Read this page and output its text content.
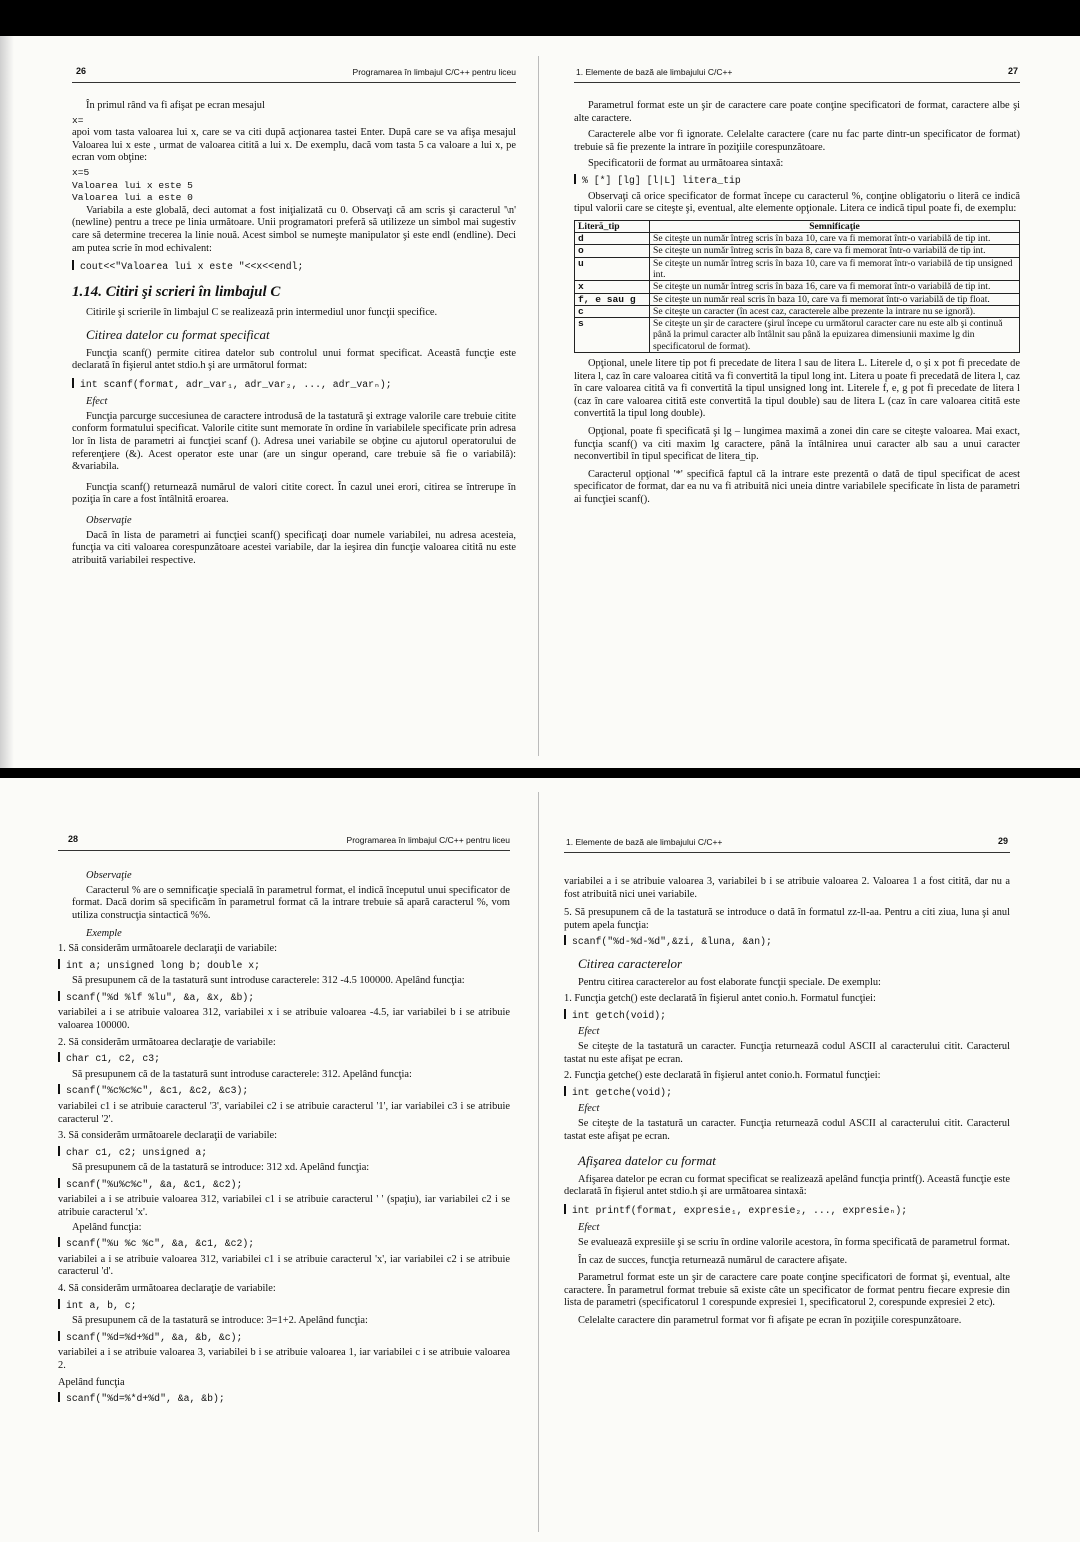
26	Programarea în limbajul C/C++ pentru liceu

În primul rând va fi afişat pe ecran mesajul

x=

apoi vom tasta valoarea lui x, care se va citi după acţionarea tastei Enter. După care se va afişa mesajul Valoarea lui x este , urmat de valoarea citită a lui x. De exemplu, dacă vom tasta 5 ca valoare a lui x, pe ecran vom obţine:

x=5
Valoarea lui x este 5
Valoarea lui a este 0

Variabila a este globală, deci automat a fost iniţializată cu 0. Observaţi că am scris şi caracterul '\n' (newline) pentru a trece pe linia următoare. Unii programatori preferă să utilizeze un simbol mai sugestiv care să determine trecerea la linie nouă. Acest simbol se numeşte manipulator şi este endl (endline). Deci am putea scrie în mod echivalent:

cout<<"Valoarea lui x este "<<x<<endl;
1.14. Citiri şi scrieri în limbajul C

Citirile şi scrierile în limbajul C se realizează prin intermediul unor funcţii specifice.

Citirea datelor cu format specificat

Funcţia scanf() permite citirea datelor sub controlul unui format specificat. Această funcţie este declarată în fişierul antet stdio.h şi are următorul format:

int scanf(format, adr_var₁, adr_var₂, ..., adr_varₙ);
Efect

Funcţia parcurge succesiunea de caractere introdusă de la tastatură şi extrage valorile care trebuie citite conform formatului specificat. Valorile citite sunt memorate în ordine în variabilele specificate prin adresa lor în lista de parametri ai funcţiei scanf (). Adresa unei variabile se obţine cu ajutorul operatorului de referenţiere (&). Acest operator este unar (are un singur operand, care trebuie să fie o variabilă): &variabila.

Funcţia scanf() returnează numărul de valori citite corect. În cazul unei erori, citirea se întrerupe în poziţia în care a fost întâlnită eroarea.

Observaţie

Dacă în lista de parametri ai funcţiei scanf() specificaţi doar numele variabilei, nu adresa acesteia, funcţia va citi valoarea corespunzătoare acestei variabile, dar la ieşirea din funcţie valoarea citită nu este atribuită variabilei respective.

1. Elemente de bază ale limbajului C/C++	27

Parametrul format este un şir de caractere care poate conţine specificatori de format, caractere albe şi alte caractere.

Caracterele albe vor fi ignorate. Celelalte caractere (care nu fac parte dintr-un specificator de format) trebuie să fie prezente la intrare în poziţiile corespunzătoare.

Specificatorii de format au următoarea sintaxă:

% [*] [lg] [l|L] litera_tip

Observaţi că orice specificator de format începe cu caracterul %, conţine obligatoriu o literă ce indică tipul valorii care se citeşte şi, eventual, alte elemente opţionale. Litera ce indică tipul poate fi, de exemplu:

Literă_tip	Semnificaţie
d	Se citeşte un număr întreg scris în baza 10, care va fi memorat într-o variabilă de tip int.
o	Se citeşte un număr întreg scris în baza 8, care va fi memorat într-o variabilă de tip int.
u	Se citeşte un număr întreg scris în baza 10, care va fi memorat într-o variabilă de tip unsigned int.
x	Se citeşte un număr întreg scris în baza 16, care va fi memorat într-o variabilă de tip int.
f, e sau g	Se citeşte un număr real scris în baza 10, care va fi memorat într-o variabilă de tip float.
c	Se citeşte un caracter (în acest caz, caracterele albe prezente la intrare nu se ignoră).
s	Se citeşte un şir de caractere (şirul începe cu următorul caracter care nu este alb şi continuă până la primul caracter alb întâlnit sau până la epuizarea dimensiunii maxime lg din specificatorul de format).

Opţional, unele litere tip pot fi precedate de litera l sau de litera L. Literele d, o şi x pot fi precedate de litera l, caz în care valoarea citită va fi convertită la tipul long int. Litera u poate fi precedată de litera l, caz în care valoarea citită va fi convertită la tipul unsigned long int. Literele f, e, g pot fi precedate de litera l (caz în care valoarea citită este convertită la tipul double) sau de litera L (caz în care valoarea citită este convertită la tipul long double).

Opţional, poate fi specificată şi lg – lungimea maximă a zonei din care se citeşte valoarea. Mai exact, funcţia scanf() va citi maxim lg caractere, până la întâlnirea unui caracter alb sau a unui caracter neconvertibil în tipul specificat de litera_tip.

Caracterul opţional '*' specifică faptul că la intrare este prezentă o dată de tipul specificat de acest specificator de format, dar ea nu va fi atribuită nici uneia dintre variabilele specificate în lista de parametri ai funcţiei scanf().

28	Programarea în limbajul C/C++ pentru liceu
Observaţie

Caracterul % are o semnificaţie specială în parametrul format, el indică începutul unui specificator de format. Dacă dorim să specificăm în parametrul format că la intrare trebuie să apară caracterul %, vom utiliza construcţia sintactică %%.

Exemple

1. Să considerăm următoarele declaraţii de variabile:

int a; unsigned long b; double x;

Să presupunem că de la tastatură sunt introduse caracterele: 312 -4.5 100000. Apelând funcţia:

scanf("%d %lf %lu", &a, &x, &b);

variabilei a i se atribuie valoarea 312, variabilei x i se atribuie valoarea -4.5, iar variabilei b i se atribuie valoarea 100000.

2. Să considerăm următoarea declaraţie de variabile:

char c1, c2, c3;

Să presupunem că de la tastatură sunt introduse caracterele: 312. Apelând funcţia:

scanf("%c%c%c", &c1, &c2, &c3);

variabilei c1 i se atribuie caracterul '3', variabilei c2 i se atribuie caracterul '1', iar variabilei c3 i se atribuie caracterul '2'.

3. Să considerăm următoarele declaraţii de variabile:

char c1, c2; unsigned a;

Să presupunem că de la tastatură se introduce: 312 xd. Apelând funcţia:

scanf("%u%c%c", &a, &c1, &c2);

variabilei a i se atribuie valoarea 312, variabilei c1 i se atribuie caracterul ' ' (spaţiu), iar variabilei c2 i se atribuie caracterul 'x'.

Apelând funcţia:

scanf("%u %c %c", &a, &c1, &c2);

variabilei a i se atribuie valoarea 312, variabilei c1 i se atribuie caracterul 'x', iar variabilei c2 i se atribuie caracterul 'd'.

4. Să considerăm următoarea declaraţie de variabile:

int a, b, c;

Să presupunem că de la tastatură se introduce: 3=1+2. Apelând funcţia:

scanf("%d=%d+%d", &a, &b, &c);

variabilei a i se atribuie valoarea 3, variabilei b i se atribuie valoarea 1, iar variabilei c i se atribuie valoarea 2.

Apelând funcţia

scanf("%d=%*d+%d", &a, &b);
1. Elemente de bază ale limbajului C/C++	29

variabilei a i se atribuie valoarea 3, variabilei b i se atribuie valoarea 2. Valoarea 1 a fost citită, dar nu a fost atribuită nici unei variabile.

5. Să presupunem că de la tastatură se introduce o dată în formatul zz-ll-aa. Pentru a citi ziua, luna şi anul putem apela funcţia:

scanf("%d-%d-%d",&zi, &luna, &an);
Citirea caracterelor

Pentru citirea caracterelor au fost elaborate funcţii speciale. De exemplu:

1. Funcţia getch() este declarată în fişierul antet conio.h. Formatul funcţiei:

int getch(void);
Efect

Se citeşte de la tastatură un caracter. Funcţia returnează codul ASCII al caracterului citit. Caracterul tastat nu este afişat pe ecran.

2. Funcţia getche() este declarată în fişierul antet conio.h. Formatul funcţiei:

int getche(void);
Efect

Se citeşte de la tastatură un caracter. Funcţia returnează codul ASCII al caracterului citit. Caracterul tastat este afişat pe ecran.

Afişarea datelor cu format

Afişarea datelor pe ecran cu format specificat se realizează apelând funcţia printf(). Această funcţie este declarată în fişierul antet stdio.h şi are următoarea sintaxă:

int printf(format, expresie₁, expresie₂, ..., expresieₙ);
Efect

Se evaluează expresiile şi se scriu în ordine valorile acestora, în forma specificată de parametrul format.

În caz de succes, funcţia returnează numărul de caractere afişate.

Parametrul format este un şir de caractere care poate conţine specificatori de format şi, eventual, alte caractere. În parametrul format trebuie să existe câte un specificator de format pentru fiecare expresie din lista de parametri (specificatorul 1 corespunde expresiei 1, specificatorul 2, corespunde expresiei 2 etc).

Celelalte caractere din parametrul format vor fi afişate pe ecran în poziţiile corespunzătoare.
